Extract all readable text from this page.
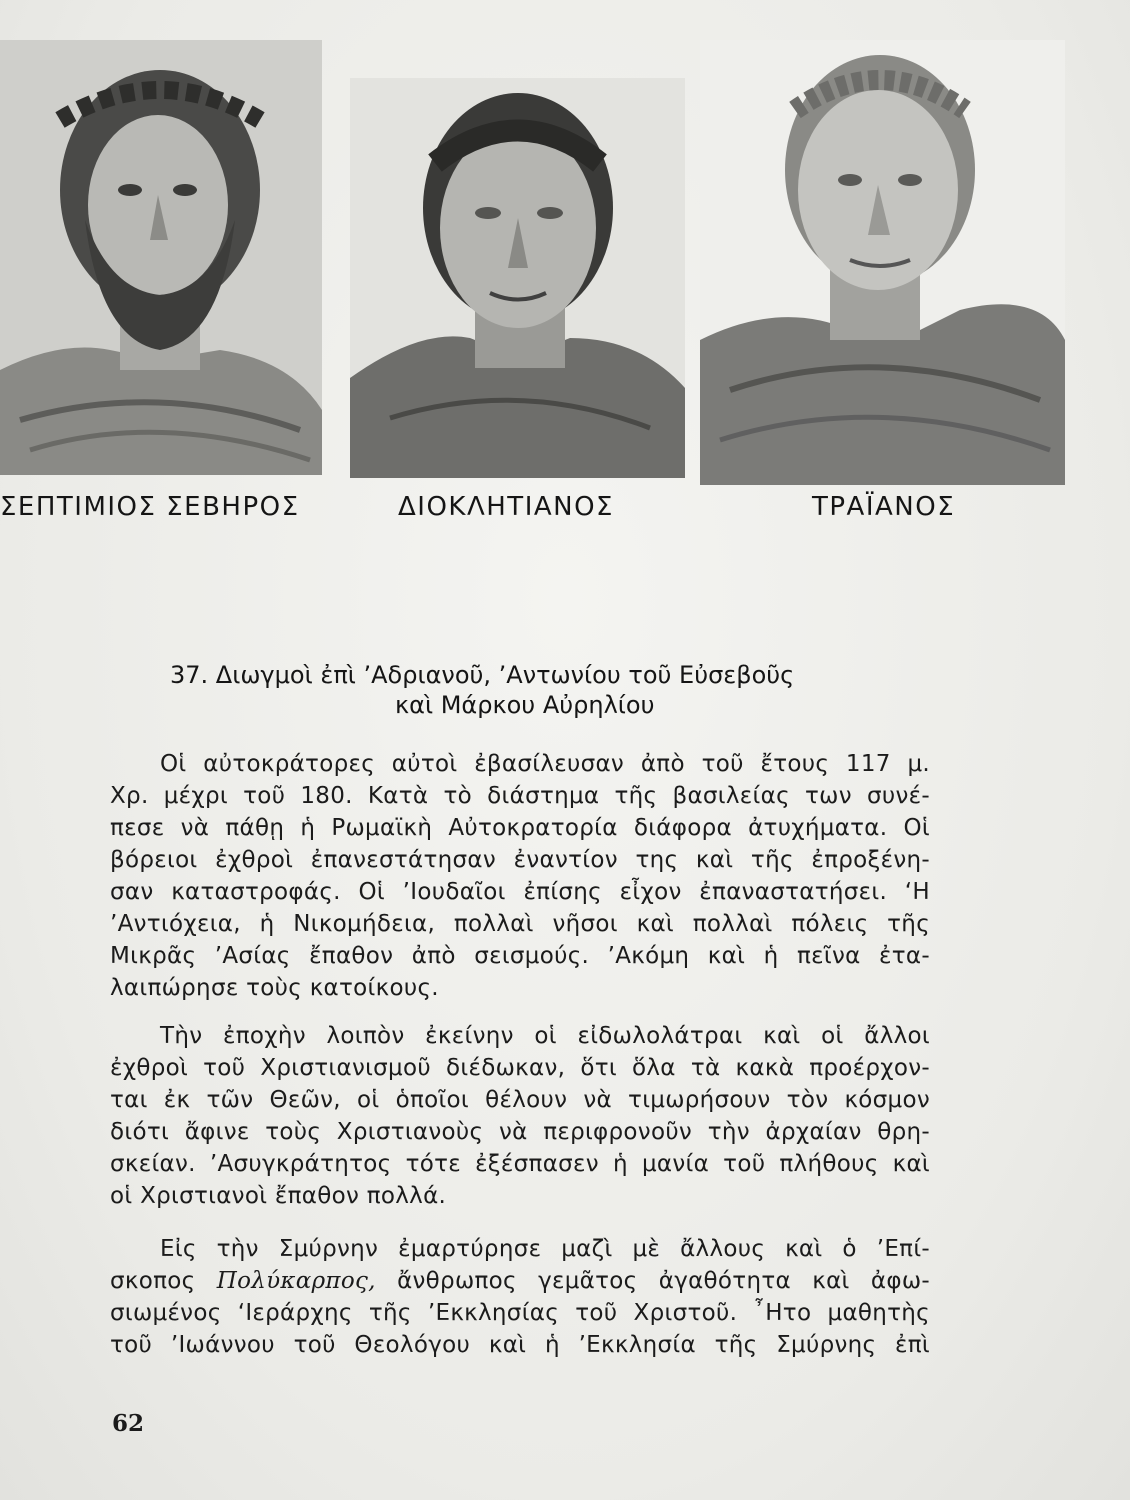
ΣΕΠΤΙΜΙΟΣ ΣΕΒΗΡΟΣ	ΔΙΟΚΛΗΤΙΑΝΟΣ	ΤΡΑΪΑΝΟΣ
37. Διωγμοὶ ἐπὶ ’Αδριανοῦ, ’Αντωνίου τοῦ Εὐσεβοῦς
καὶ Μάρκου Αὐρηλίου
Οἱ αὐτοκράτορες αὐτοὶ ἐβασίλευσαν ἀπὸ τοῦ ἔτους 117 μ.
Χρ. μέχρι τοῦ 180. Κατὰ τὸ διάστημα τῆς βασιλείας των συνέ-
πεσε νὰ πάθῃ ἡ Ρωμαϊκὴ Αὐτοκρατορία διάφορα ἀτυχήματα. Οἱ
βόρειοι ἐχθροὶ ἐπανεστάτησαν ἐναντίον της καὶ τῆς ἐπροξένη-
σαν καταστροφάς. Οἱ ’Ιουδαῖοι ἐπίσης εἶχον ἐπαναστατήσει. ‘Η
’Αντιόχεια, ἡ Νικομήδεια, πολλαὶ νῆσοι καὶ πολλαὶ πόλεις τῆς
Μικρᾶς ’Ασίας ἔπαθον ἀπὸ σεισμούς. ’Ακόμη καὶ ἡ πεῖνα ἐτα-
λαιπώρησε τοὺς κατοίκους.
Τὴν ἐποχὴν λοιπὸν ἐκείνην οἱ εἰδωλολάτραι καὶ οἱ ἄλλοι
ἐχθροὶ τοῦ Χριστιανισμοῦ διέδωκαν, ὅτι ὅλα τὰ κακὰ προέρχον-
ται ἐκ τῶν Θεῶν, οἱ ὁποῖοι θέλουν νὰ τιμωρήσουν τὸν κόσμον
διότι ἄφινε τοὺς Χριστιανοὺς νὰ περιφρονοῦν τὴν ἀρχαίαν θρη-
σκείαν. ’Ασυγκράτητος τότε ἐξέσπασεν ἡ μανία τοῦ πλήθους καὶ
οἱ Χριστιανοὶ ἔπαθον πολλά.
Εἰς τὴν Σμύρνην ἐμαρτύρησε μαζὶ μὲ ἄλλους καὶ ὁ ’Επί-
σκοπος Πολύκαρπος, ἄνθρωπος γεμᾶτος ἀγαθότητα καὶ ἀφω-
σιωμένος ‘Ιεράρχης τῆς ’Εκκλησίας τοῦ Χριστοῦ. ῏Ητο μαθητὴς
τοῦ ’Ιωάννου τοῦ Θεολόγου καὶ ἡ ’Εκκλησία τῆς Σμύρνης ἐπὶ
62
